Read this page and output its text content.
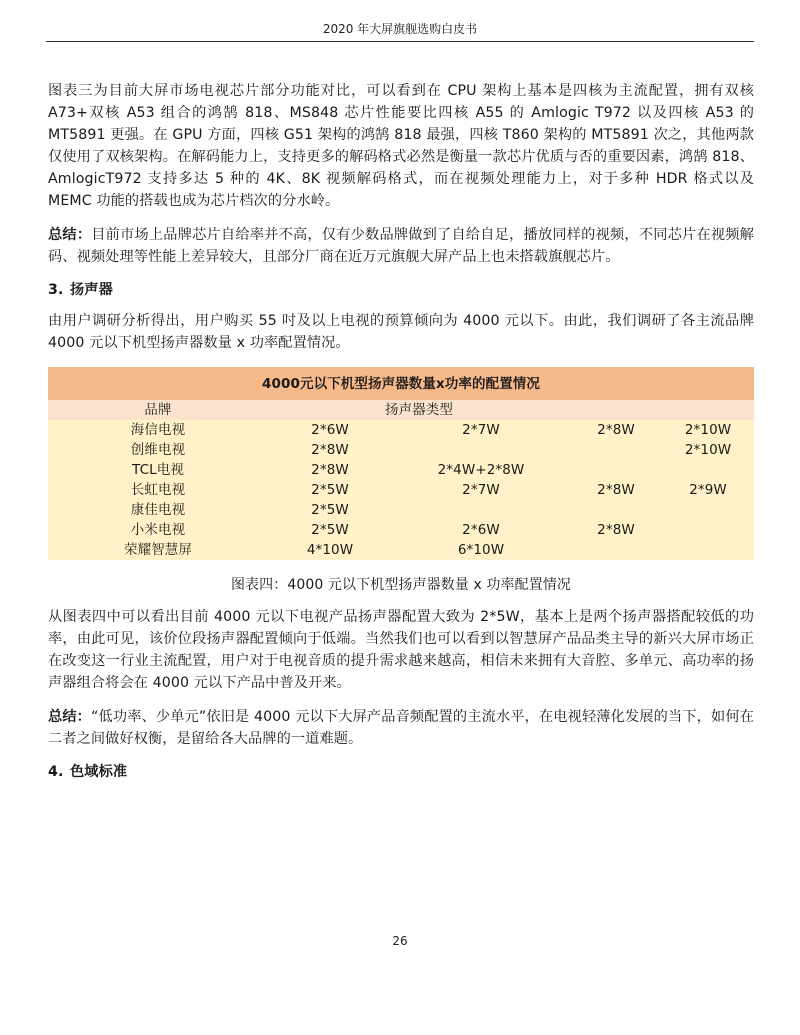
2020 年大屏旗舰选购白皮书

图表三为目前大屏市场电视芯片部分功能对比，可以看到在 CPU 架构上基本是四核为主流配置，拥有双核 A73+双核 A53 组合的鸿鹄 818、MS848 芯片性能要比四核 A55 的 Amlogic T972 以及四核 A53 的 MT5891 更强。在 GPU 方面，四核 G51 架构的鸿鹄 818 最强，四核 T860 架构的 MT5891 次之，其他两款仅使用了双核架构。在解码能力上，支持更多的解码格式必然是衡量一款芯片优质与否的重要因素，鸿鹄 818、AmlogicT972 支持多达 5 种的 4K、8K 视频解码格式，而在视频处理能力上，对于多种 HDR 格式以及 MEMC 功能的搭载也成为芯片档次的分水岭。

总结：目前市场上品牌芯片自给率并不高，仅有少数品牌做到了自给自足，播放同样的视频，不同芯片在视频解码、视频处理等性能上差异较大，且部分厂商在近万元旗舰大屏产品上也未搭载旗舰芯片。

3. 扬声器

由用户调研分析得出，用户购买 55 吋及以上电视的预算倾向为 4000 元以下。由此，我们调研了各主流品牌 4000 元以下机型扬声器数量 x 功率配置情况。

4000元以下机型扬声器数量x功率的配置情况				
品牌	扬声器类型			
海信电视	2*6W	2*7W	2*8W	2*10W
创维电视	2*8W			2*10W
TCL电视	2*8W	2*4W+2*8W		
长虹电视	2*5W	2*7W	2*8W	2*9W
康佳电视	2*5W			
小米电视	2*5W	2*6W	2*8W	
荣耀智慧屏	4*10W	6*10W		
图表四：4000 元以下机型扬声器数量 x 功率配置情况

从图表四中可以看出目前 4000 元以下电视产品扬声器配置大致为 2*5W，基本上是两个扬声器搭配较低的功率，由此可见，该价位段扬声器配置倾向于低端。当然我们也可以看到以智慧屏产品品类主导的新兴大屏市场正在改变这一行业主流配置，用户对于电视音质的提升需求越来越高，相信未来拥有大音腔、多单元、高功率的扬声器组合将会在 4000 元以下产品中普及开来。

总结：“低功率、少单元”依旧是 4000 元以下大屏产品音频配置的主流水平，在电视轻薄化发展的当下，如何在二者之间做好权衡，是留给各大品牌的一道难题。

4. 色域标准
26
